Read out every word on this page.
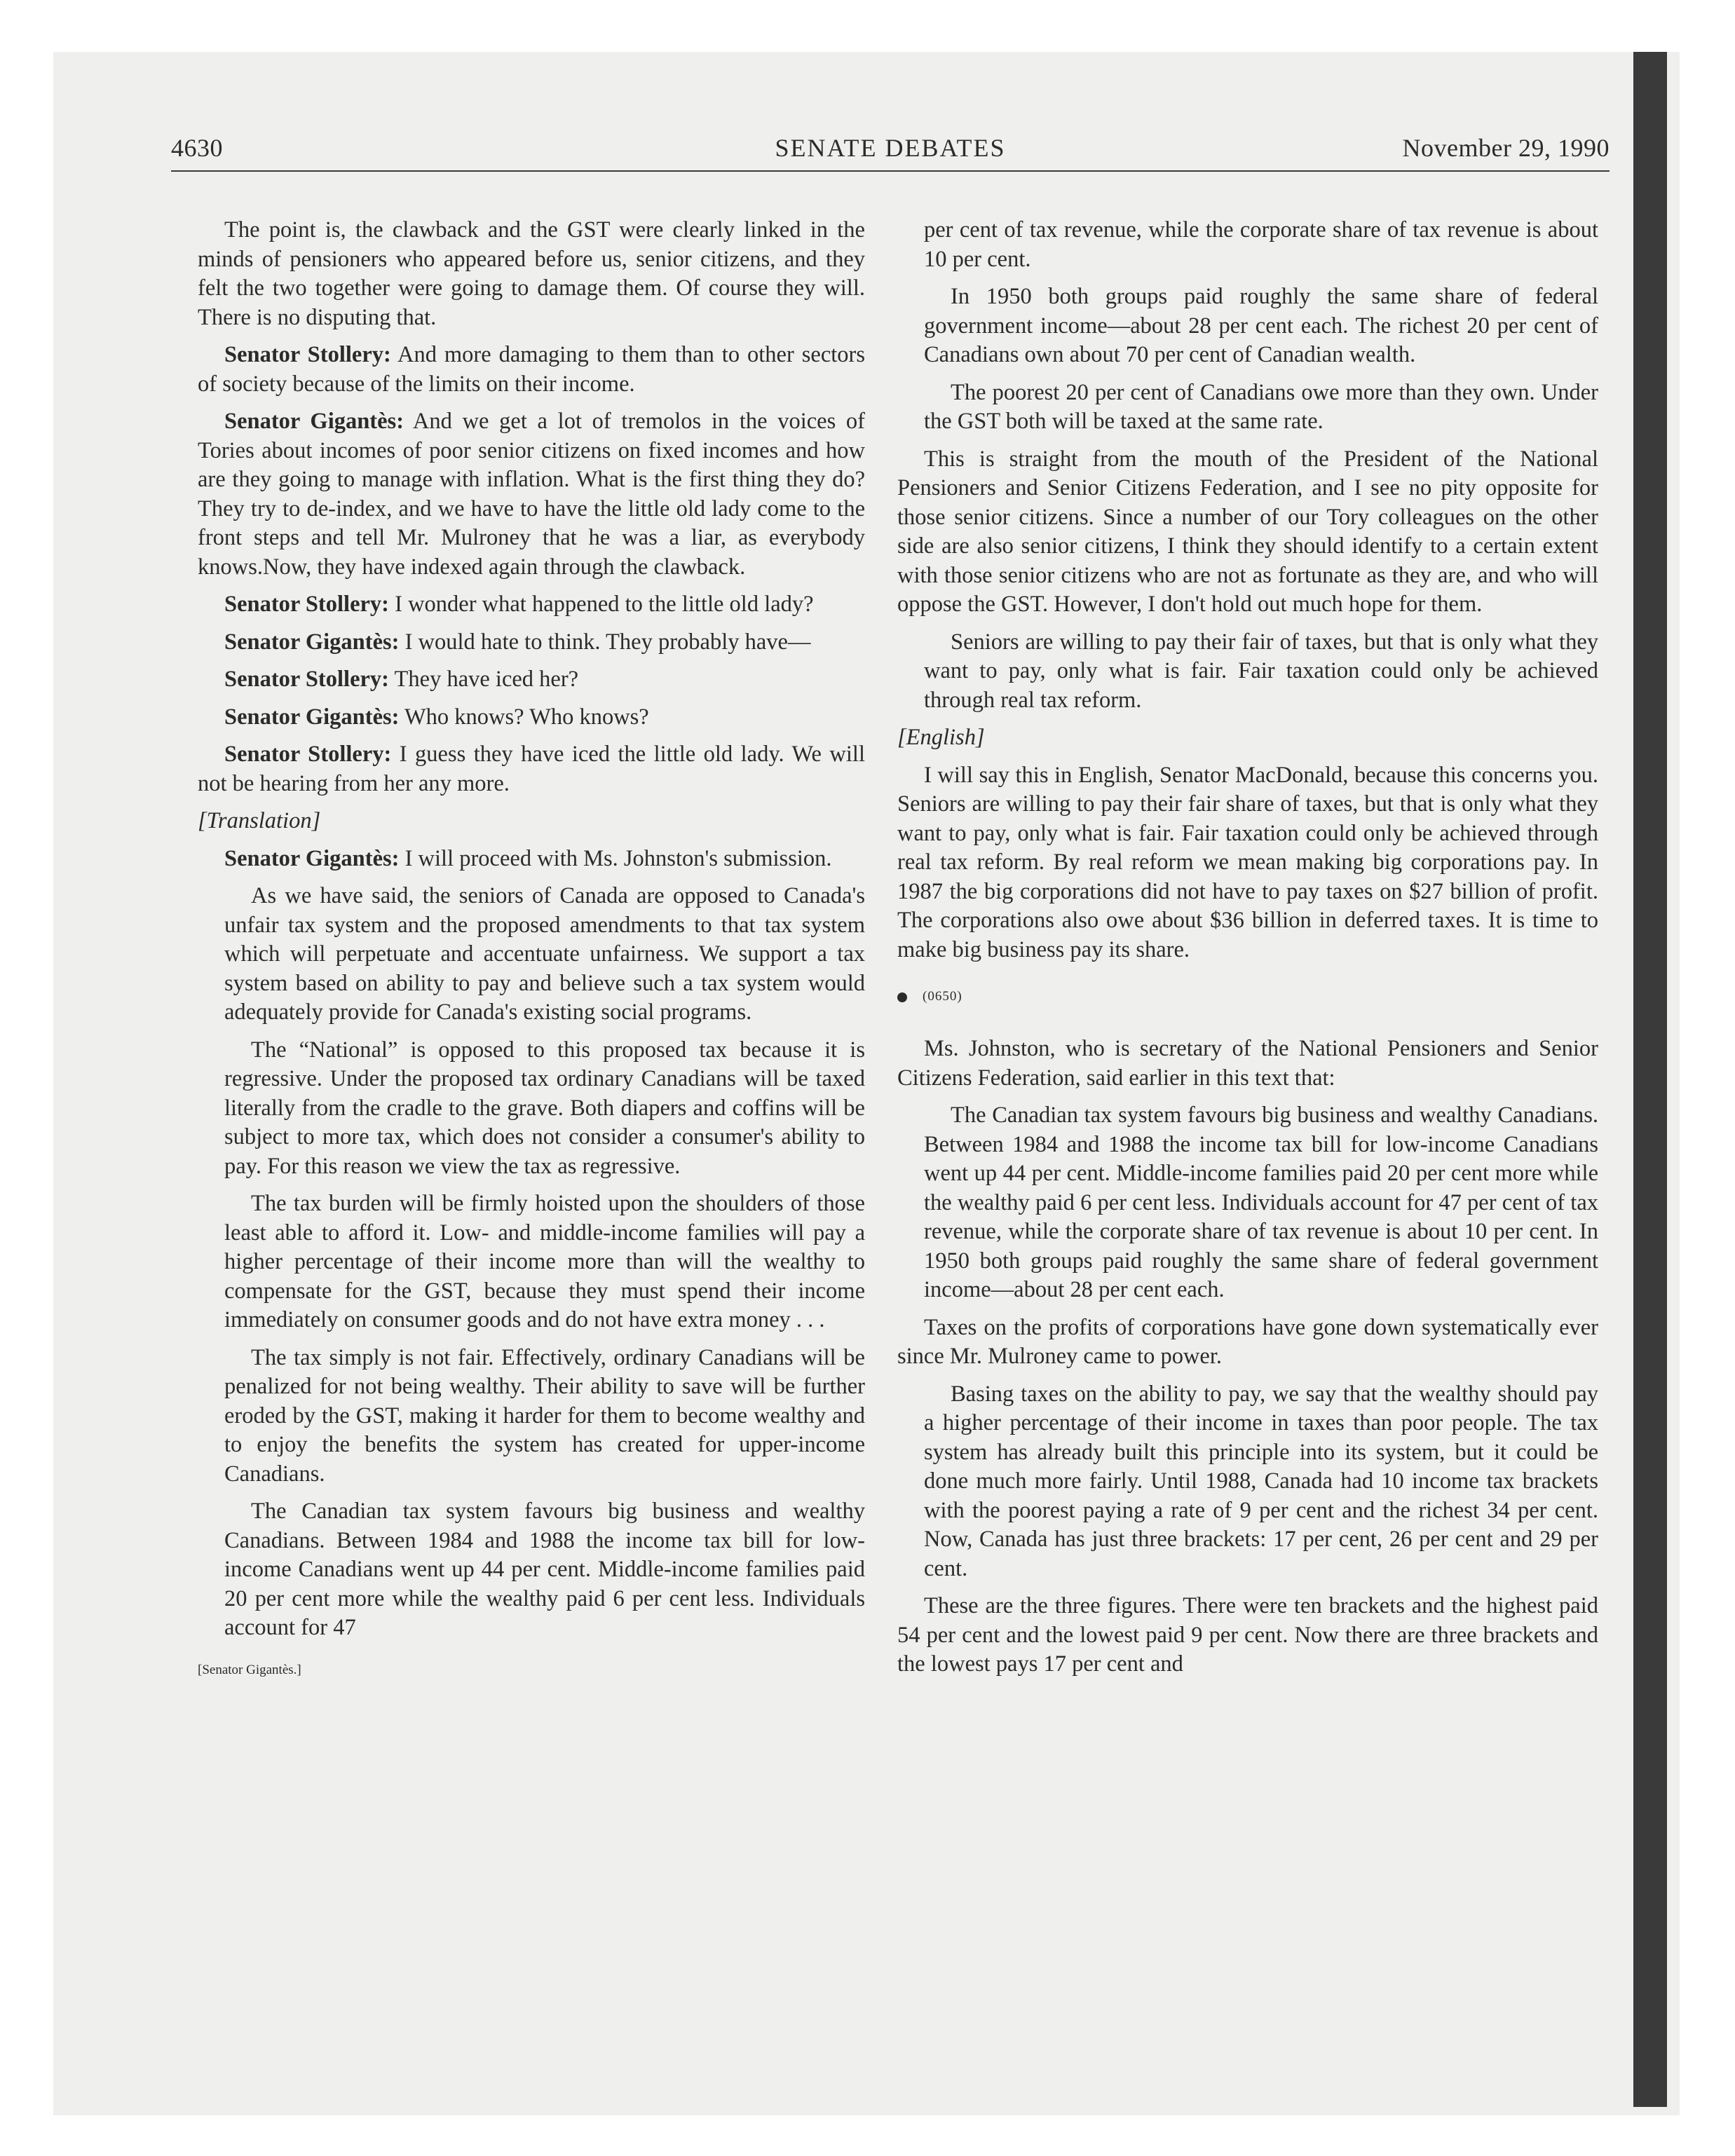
4630	SENATE DEBATES	November 29, 1990

The point is, the clawback and the GST were clearly linked in the minds of pensioners who appeared before us, senior citizens, and they felt the two together were going to damage them. Of course they will. There is no disputing that.

Senator Stollery: And more damaging to them than to other sectors of society because of the limits on their income.

Senator Gigantès: And we get a lot of tremolos in the voices of Tories about incomes of poor senior citizens on fixed incomes and how are they going to manage with inflation. What is the first thing they do? They try to de-index, and we have to have the little old lady come to the front steps and tell Mr. Mulroney that he was a liar, as everybody knows.Now, they have indexed again through the clawback.

Senator Stollery: I wonder what happened to the little old lady?

Senator Gigantès: I would hate to think. They probably have—

Senator Stollery: They have iced her?

Senator Gigantès: Who knows? Who knows?

Senator Stollery: I guess they have iced the little old lady. We will not be hearing from her any more.

[Translation]

Senator Gigantès: I will proceed with Ms. Johnston's submission.

As we have said, the seniors of Canada are opposed to Canada's unfair tax system and the proposed amendments to that tax system which will perpetuate and accentuate unfairness. We support a tax system based on ability to pay and believe such a tax system would adequately provide for Canada's existing social programs.

The “National” is opposed to this proposed tax because it is regressive. Under the proposed tax ordinary Canadians will be taxed literally from the cradle to the grave. Both diapers and coffins will be subject to more tax, which does not consider a consumer's ability to pay. For this reason we view the tax as regressive.

The tax burden will be firmly hoisted upon the shoulders of those least able to afford it. Low- and middle-income families will pay a higher percentage of their income more than will the wealthy to compensate for the GST, because they must spend their income immediately on consumer goods and do not have extra money . . .

The tax simply is not fair. Effectively, ordinary Canadians will be penalized for not being wealthy. Their ability to save will be further eroded by the GST, making it harder for them to become wealthy and to enjoy the benefits the system has created for upper-income Canadians.

The Canadian tax system favours big business and wealthy Canadians. Between 1984 and 1988 the income tax bill for low-income Canadians went up 44 per cent. Middle-income families paid 20 per cent more while the wealthy paid 6 per cent less. Individuals account for 47

[Senator Gigantès.]

per cent of tax revenue, while the corporate share of tax revenue is about 10 per cent.

In 1950 both groups paid roughly the same share of federal government income—about 28 per cent each. The richest 20 per cent of Canadians own about 70 per cent of Canadian wealth.

The poorest 20 per cent of Canadians owe more than they own. Under the GST both will be taxed at the same rate.

This is straight from the mouth of the President of the National Pensioners and Senior Citizens Federation, and I see no pity opposite for those senior citizens. Since a number of our Tory colleagues on the other side are also senior citizens, I think they should identify to a certain extent with those senior citizens who are not as fortunate as they are, and who will oppose the GST. However, I don't hold out much hope for them.

Seniors are willing to pay their fair of taxes, but that is only what they want to pay, only what is fair. Fair taxation could only be achieved through real tax reform.

[English]

I will say this in English, Senator MacDonald, because this concerns you. Seniors are willing to pay their fair share of taxes, but that is only what they want to pay, only what is fair. Fair taxation could only be achieved through real tax reform. By real reform we mean making big corporations pay. In 1987 the big corporations did not have to pay taxes on $27 billion of profit. The corporations also owe about $36 billion in deferred taxes. It is time to make big business pay its share.

(0650)

Ms. Johnston, who is secretary of the National Pensioners and Senior Citizens Federation, said earlier in this text that:

The Canadian tax system favours big business and wealthy Canadians. Between 1984 and 1988 the income tax bill for low-income Canadians went up 44 per cent. Middle-income families paid 20 per cent more while the wealthy paid 6 per cent less. Individuals account for 47 per cent of tax revenue, while the corporate share of tax revenue is about 10 per cent. In 1950 both groups paid roughly the same share of federal government income—about 28 per cent each.

Taxes on the profits of corporations have gone down systematically ever since Mr. Mulroney came to power.

Basing taxes on the ability to pay, we say that the wealthy should pay a higher percentage of their income in taxes than poor people. The tax system has already built this principle into its system, but it could be done much more fairly. Until 1988, Canada had 10 income tax brackets with the poorest paying a rate of 9 per cent and the richest 34 per cent. Now, Canada has just three brackets: 17 per cent, 26 per cent and 29 per cent.

These are the three figures. There were ten brackets and the highest paid 54 per cent and the lowest paid 9 per cent. Now there are three brackets and the lowest pays 17 per cent and
